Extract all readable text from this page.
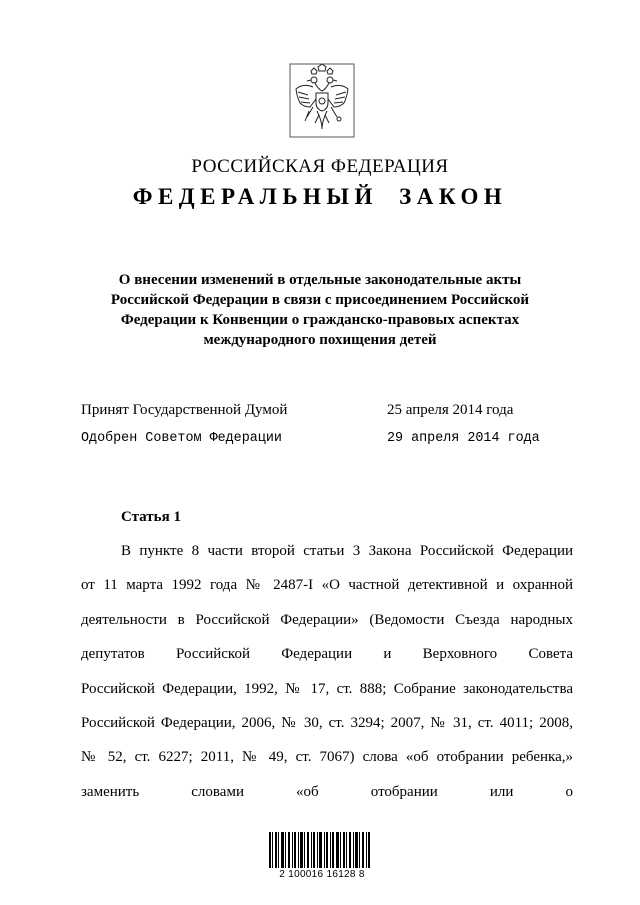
РОССИЙСКАЯ ФЕДЕРАЦИЯ
ФЕДЕРАЛЬНЫЙ ЗАКОН
О внесении изменений в отдельные законодательные акты
Российской Федерации в связи с присоединением Российской
Федерации к Конвенции о гражданско-правовых аспектах
международного похищения детей
Принят Государственной Думой	25 апреля 2014 года
Одобрен Советом Федерации	29 апреля 2014 года
Статья 1
В пункте 8 части второй статьи 3 Закона Российской Федерации
от 11 марта 1992 года № 2487-I «О частной детективной и охранной
деятельности в Российской Федерации» (Ведомости Съезда народных
депутатов Российской Федерации и Верховного Совета
Российской Федерации, 1992, № 17, ст. 888; Собрание законодательства
Российской Федерации, 2006, № 30, ст. 3294; 2007, № 31, ст. 4011; 2008,
№ 52, ст. 6227; 2011, № 49, ст. 7067) слова «об отобрании ребенка,»
заменить словами «об отобрании или о
2 100016 16128 8
